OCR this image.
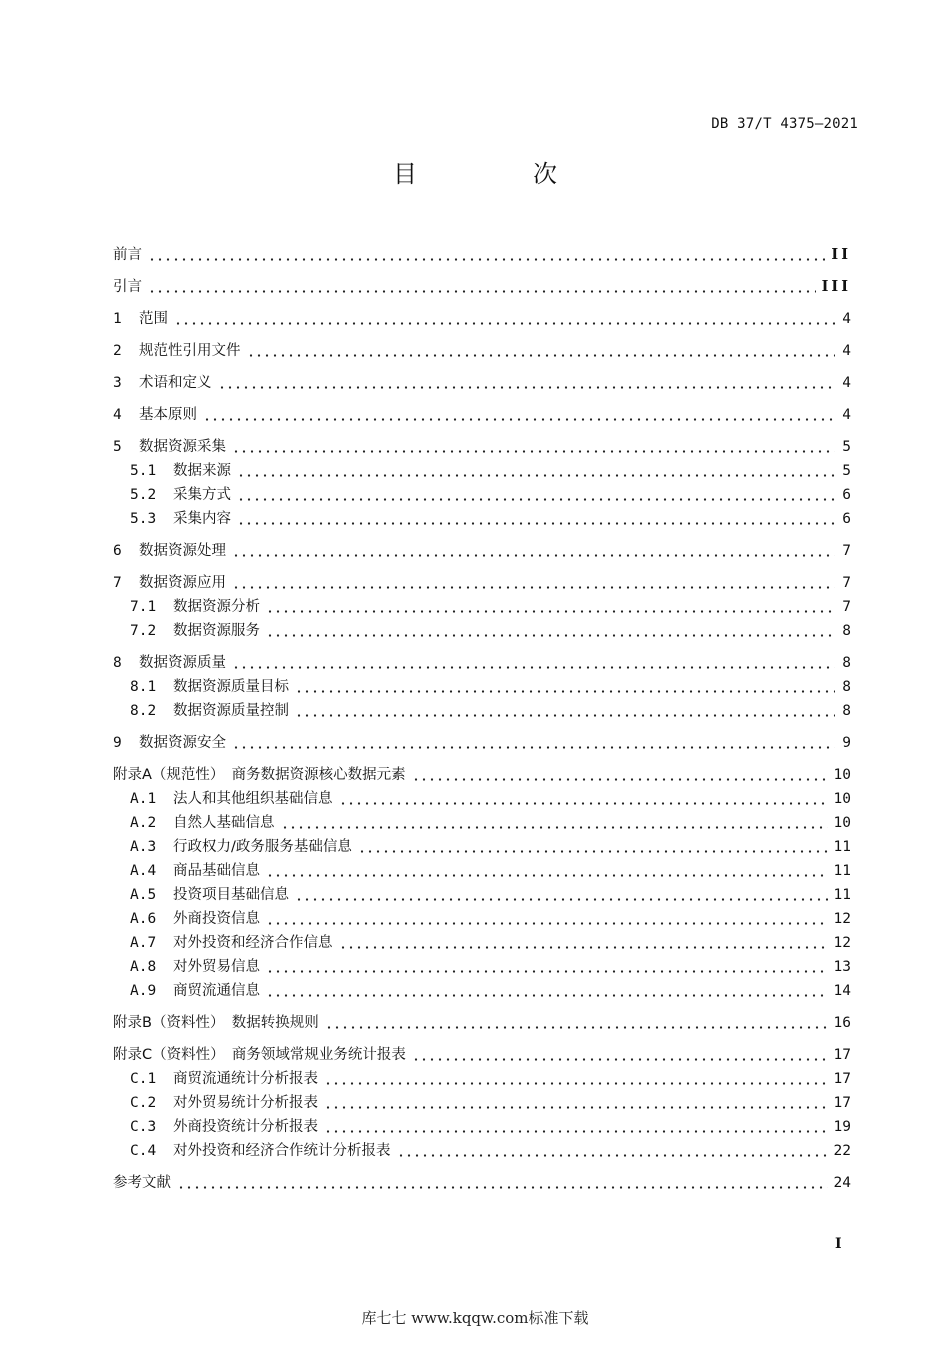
DB 37/T 4375—2021
目　次
前言	II
引言	III
1	范围	4
2	规范性引用文件	4
3	术语和定义	4
4	基本原则	4
5	数据资源采集	5
5.1	数据来源	5
5.2	采集方式	6
5.3	采集内容	6
6	数据资源处理	7
7	数据资源应用	7
7.1	数据资源分析	7
7.2	数据资源服务	8
8	数据资源质量	8
8.1	数据资源质量目标	8
8.2	数据资源质量控制	8
9	数据资源安全	9
附录A（规范性）　商务数据资源核心数据元素	10
A.1	法人和其他组织基础信息	10
A.2	自然人基础信息	10
A.3	行政权力/政务服务基础信息	11
A.4	商品基础信息	11
A.5	投资项目基础信息	11
A.6	外商投资信息	12
A.7	对外投资和经济合作信息	12
A.8	对外贸易信息	13
A.9	商贸流通信息	14
附录B（资料性）　数据转换规则	16
附录C（资料性）　商务领域常规业务统计报表	17
C.1	商贸流通统计分析报表	17
C.2	对外贸易统计分析报表	17
C.3	外商投资统计分析报表	19
C.4	对外投资和经济合作统计分析报表	22
参考文献	24
I
库七七 www.kqqw.com标准下载
